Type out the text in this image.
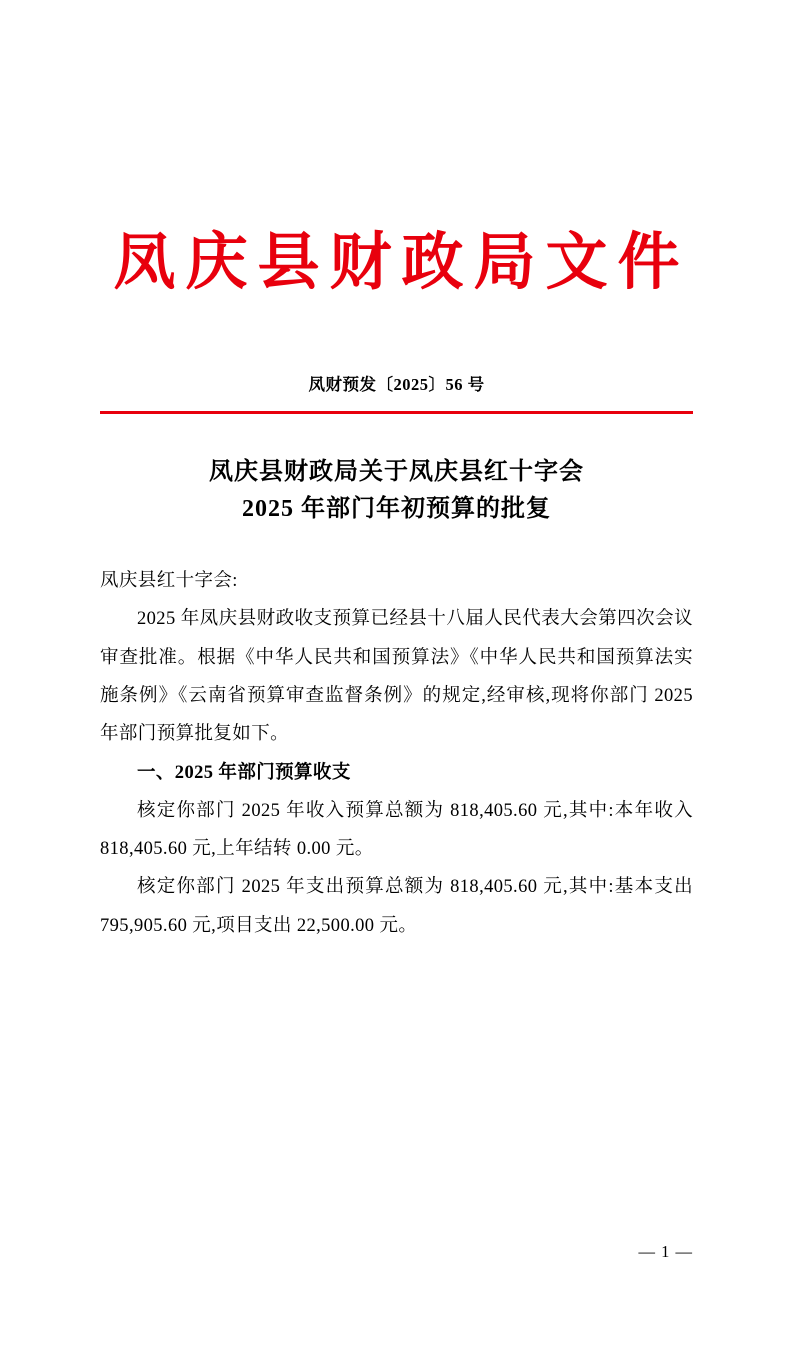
凤庆县财政局文件
凤财预发〔2025〕56 号
凤庆县财政局关于凤庆县红十字会
2025 年部门年初预算的批复

凤庆县红十字会:

2025 年凤庆县财政收支预算已经县十八届人民代表大会第四次会议审查批准。根据《中华人民共和国预算法》《中华人民共和国预算法实施条例》《云南省预算审查监督条例》的规定,经审核,现将你部门 2025 年部门预算批复如下。

一、2025 年部门预算收支

核定你部门 2025 年收入预算总额为 818,405.60 元,其中:本年收入 818,405.60 元,上年结转 0.00 元。

核定你部门 2025 年支出预算总额为 818,405.60 元,其中:基本支出 795,905.60 元,项目支出 22,500.00 元。

— 1 —
